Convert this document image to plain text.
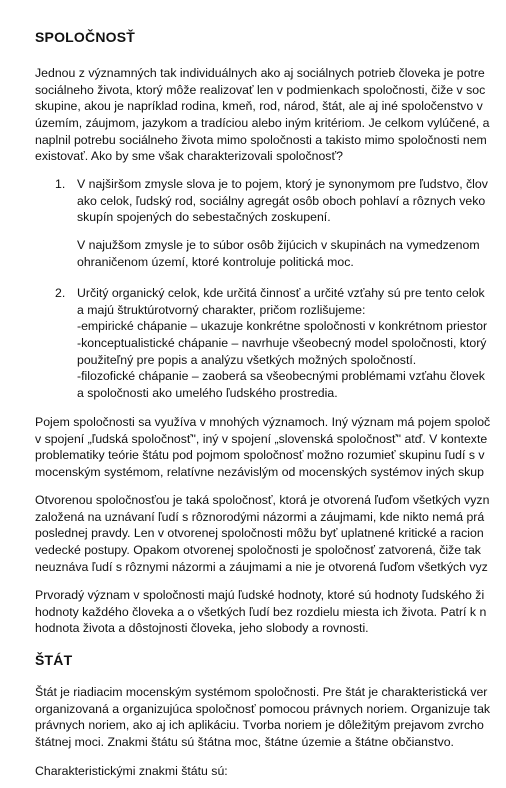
SPOLOČNOSŤ
Jednou z významných tak individuálnych ako aj sociálnych potrieb človeka je potre
sociálneho života, ktorý môže realizovať len v podmienkach spoločnosti, čiže v soc
skupine, akou je napríklad rodina, kmeň, rod, národ, štát, ale aj iné spoločenstvo v
územím, záujmom, jazykom a tradíciou alebo iným kritériom. Je celkom vylúčené, a
naplnil potrebu sociálneho života mimo spoločnosti a takisto mimo spoločnosti nem
existovať. Ako by sme však charakterizovali spoločnosť?
1. V najširšom zmysle slova je to pojem, ktorý je synonymom pre ľudstvo, člov
ako celok, ľudský rod, sociálny agregát osôb oboch pohlaví a rôznych veko
skupín spojených do sebestačných zoskupení.
V najužšom zmysle je to súbor osôb žijúcich v skupinách na vymedzenom
ohraničenom území, ktoré kontroluje politická moc.
2. Určitý organický celok, kde určitá činnosť a určité vzťahy sú pre tento celok
a majú štruktúrotvorný charakter, pričom rozlišujeme:
-empirické chápanie – ukazuje konkrétne spoločnosti v konkrétnom priestor
-konceptualistické chápanie – navrhuje všeobecný model spoločnosti, ktorý
použiteľný pre popis a analýzu všetkých možných spoločností.
-filozofické chápanie – zaoberá sa všeobecnými problémami vzťahu človek
a spoločnosti ako umelého ľudského prostredia.
Pojem spoločnosti sa využíva v mnohých významoch. Iný význam má pojem spoloč
v spojení „ľudská spoločnosť", iný v spojení „slovenská spoločnosť" atď. V kontexte
problematiky teórie štátu pod pojmom spoločnosť možno rozumieť skupinu ľudí s v
mocenským systémom, relatívne nezávislým od mocenských systémov iných skup
Otvorenou spoločnosťou je taká spoločnosť, ktorá je otvorená ľuďom všetkých vyzn
založená na uznávaní ľudí s rôznorodými názormi a záujmami, kde nikto nemá prá
poslednej pravdy. Len v otvorenej spoločnosti môžu byť uplatnené kritické a racion
vedecké postupy. Opakom otvorenej spoločnosti je spoločnosť zatvorená, čiže tak
neuznáva ľudí s rôznymi názormi a záujmami a nie je otvorená ľuďom všetkých vyz
Prvoradý význam v spoločnosti majú ľudské hodnoty, ktoré sú hodnoty ľudského ži
hodnoty každého človeka a o všetkých ľudí bez rozdielu miesta ich života. Patrí k n
hodnota života a dôstojnosti človeka, jeho slobody a rovnosti.
ŠTÁT
Štát je riadiacim mocenským systémom spoločnosti. Pre štát je charakteristická ver
organizovaná a organizujúca spoločnosť pomocou právnych noriem. Organizuje tak
právnych noriem, ako aj ich aplikáciu. Tvorba noriem je dôležitým prejavom zvrcho
štátnej moci. Znakmi štátu sú štátna moc, štátne územie a štátne občianstvo.
Charakteristickými znakmi štátu sú:
